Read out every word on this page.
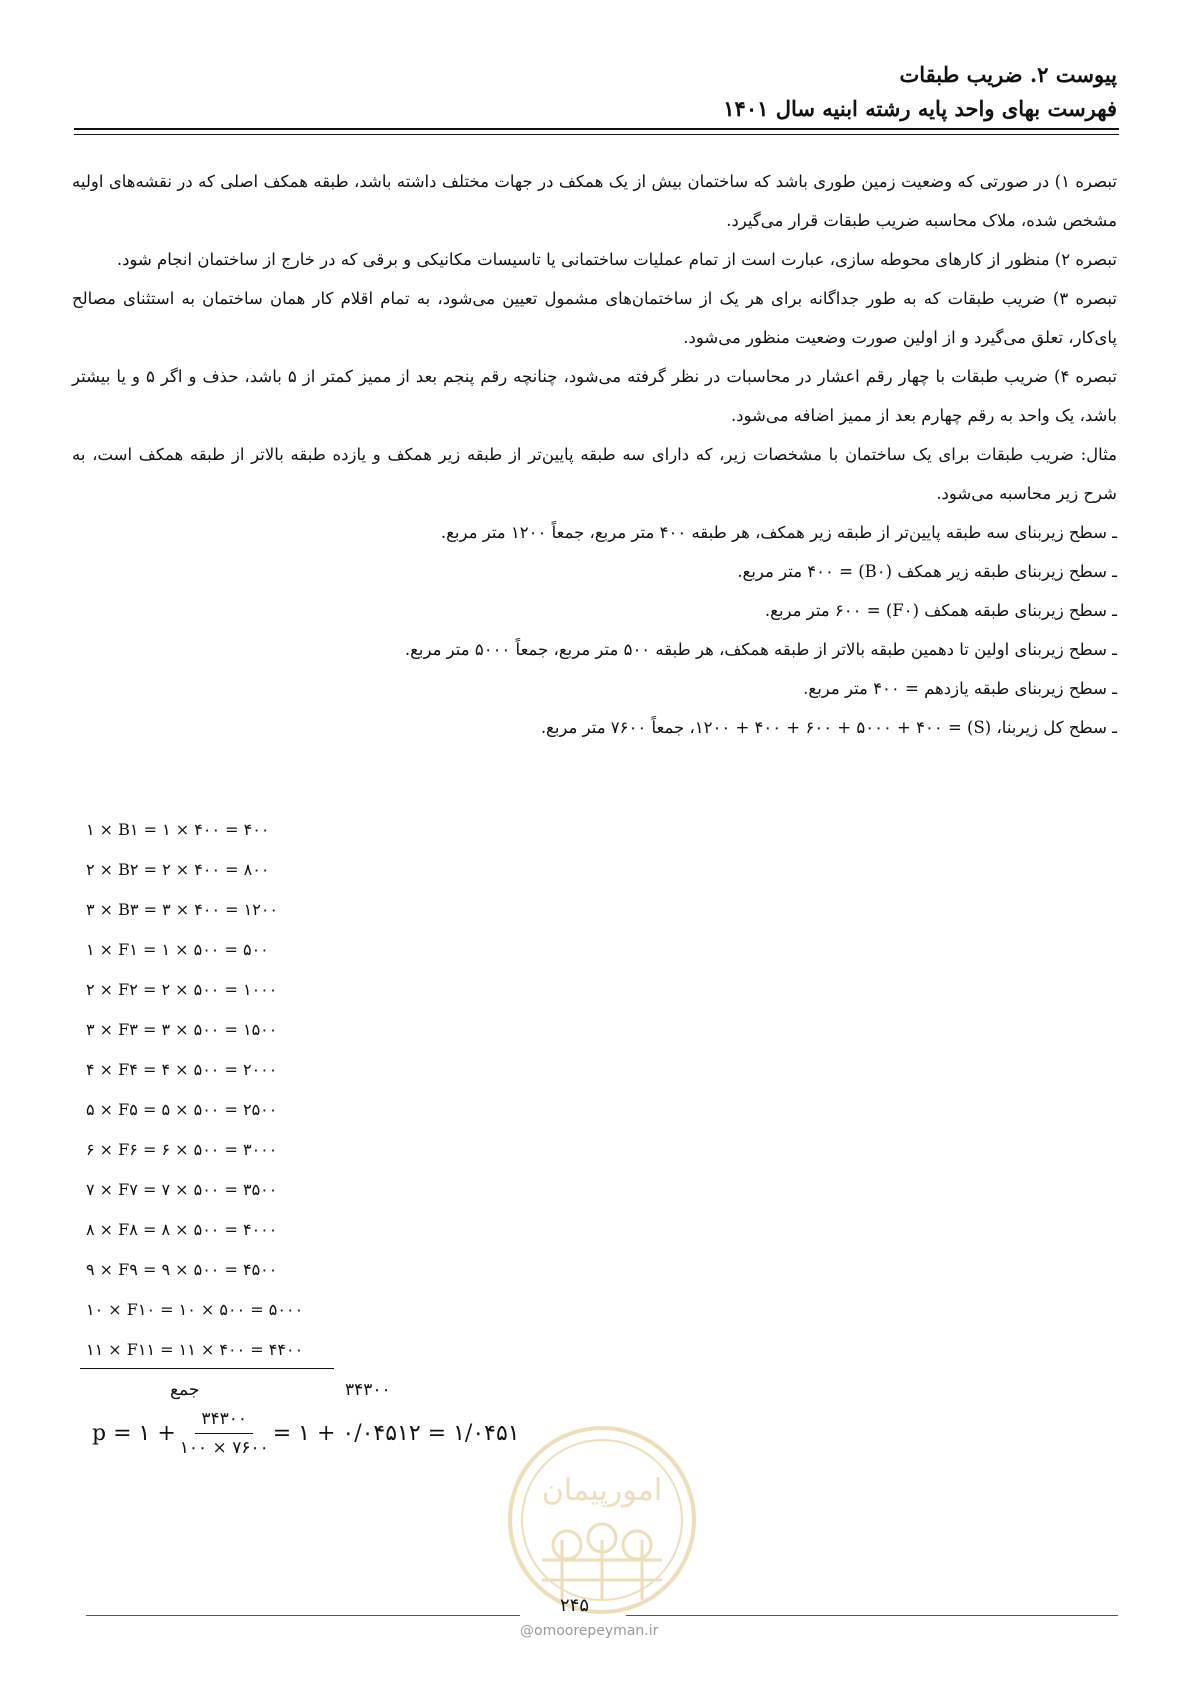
پیوست ۲. ضریب طبقات
فهرست بهای واحد پایه رشته ابنیه سال ۱۴۰۱

تبصره ۱) در صورتی که وضعیت زمین طوری باشد که ساختمان بیش از یک همکف در جهات مختلف داشته باشد، طبقه همکف اصلی که در نقشه‌های اولیه مشخص شده، ملاک محاسبه ضریب طبقات قرار می‌گیرد.

تبصره ۲) منظور از کارهای محوطه سازی، عبارت است از تمام عملیات ساختمانی یا تاسیسات مکانیکی و برقی که در خارج از ساختمان انجام شود.

تبصره ۳) ضریب طبقات که به طور جداگانه برای هر یک از ساختمان‌های مشمول تعیین می‌شود، به تمام اقلام کار همان ساختمان به استثنای مصالح پای‌کار، تعلق می‌گیرد و از اولین صورت وضعیت منظور می‌شود.

تبصره ۴) ضریب طبقات با چهار رقم اعشار در محاسبات در نظر گرفته می‌شود، چنانچه رقم پنجم بعد از ممیز کمتر از ۵ باشد، حذف و اگر ۵ و یا بیشتر باشد، یک واحد به رقم چهارم بعد از ممیز اضافه می‌شود.

مثال: ضریب طبقات برای یک ساختمان با مشخصات زیر، که دارای سه طبقه پایین‌تر از طبقه زیر همکف و یازده طبقه بالاتر از طبقه همکف است، به شرح زیر محاسبه می‌شود.

ـ سطح زیربنای سه طبقه پایین‌تر از طبقه زیر همکف، هر طبقه ۴۰۰ متر مربع، جمعاً ۱۲۰۰ متر مربع.

ـ سطح زیربنای طبقه زیر همکف (B۰) = ۴۰۰ متر مربع.

ـ سطح زیربنای طبقه همکف (F۰) = ۶۰۰ متر مربع.

ـ سطح زیربنای اولین تا دهمین طبقه بالاتر از طبقه همکف، هر طبقه ۵۰۰ متر مربع، جمعاً ۵۰۰۰ متر مربع.

ـ سطح زیربنای طبقه یازدهم = ۴۰۰ متر مربع.

ـ سطح کل زیربنا، (S) = ۱۲۰۰ + ۴۰۰ + ۶۰۰ + ۵۰۰۰ + ۴۰۰، جمعاً ۷۶۰۰ متر مربع.

۱ × B۱ = ۱ × ۴۰۰ = ۴۰۰
۲ × B۲ = ۲ × ۴۰۰ = ۸۰۰
۳ × B۳ = ۳ × ۴۰۰ = ۱۲۰۰
۱ × F۱ = ۱ × ۵۰۰ = ۵۰۰
۲ × F۲ = ۲ × ۵۰۰ = ۱۰۰۰
۳ × F۳ = ۳ × ۵۰۰ = ۱۵۰۰
۴ × F۴ = ۴ × ۵۰۰ = ۲۰۰۰
۵ × F۵ = ۵ × ۵۰۰ = ۲۵۰۰
۶ × F۶ = ۶ × ۵۰۰ = ۳۰۰۰
۷ × F۷ = ۷ × ۵۰۰ = ۳۵۰۰
۸ × F۸ = ۸ × ۵۰۰ = ۴۰۰۰
۹ × F۹ = ۹ × ۵۰۰ = ۴۵۰۰
۱۰ × F۱۰ = ۱۰ × ۵۰۰ = ۵۰۰۰
۱۱ × F۱۱ = ۱۱ × ۴۰۰ = ۴۴۰۰
جمع	۳۴۳۰۰
p = ۱ + $\frac{۳۴۳۰۰}{۱۰۰ \times ۷۶۰۰}$ = ۱ + ۰/۰۴۵۱۲ = ۱/۰۴۵۱
امورپیمان
۲۴۵
@omoorepeyman.ir
